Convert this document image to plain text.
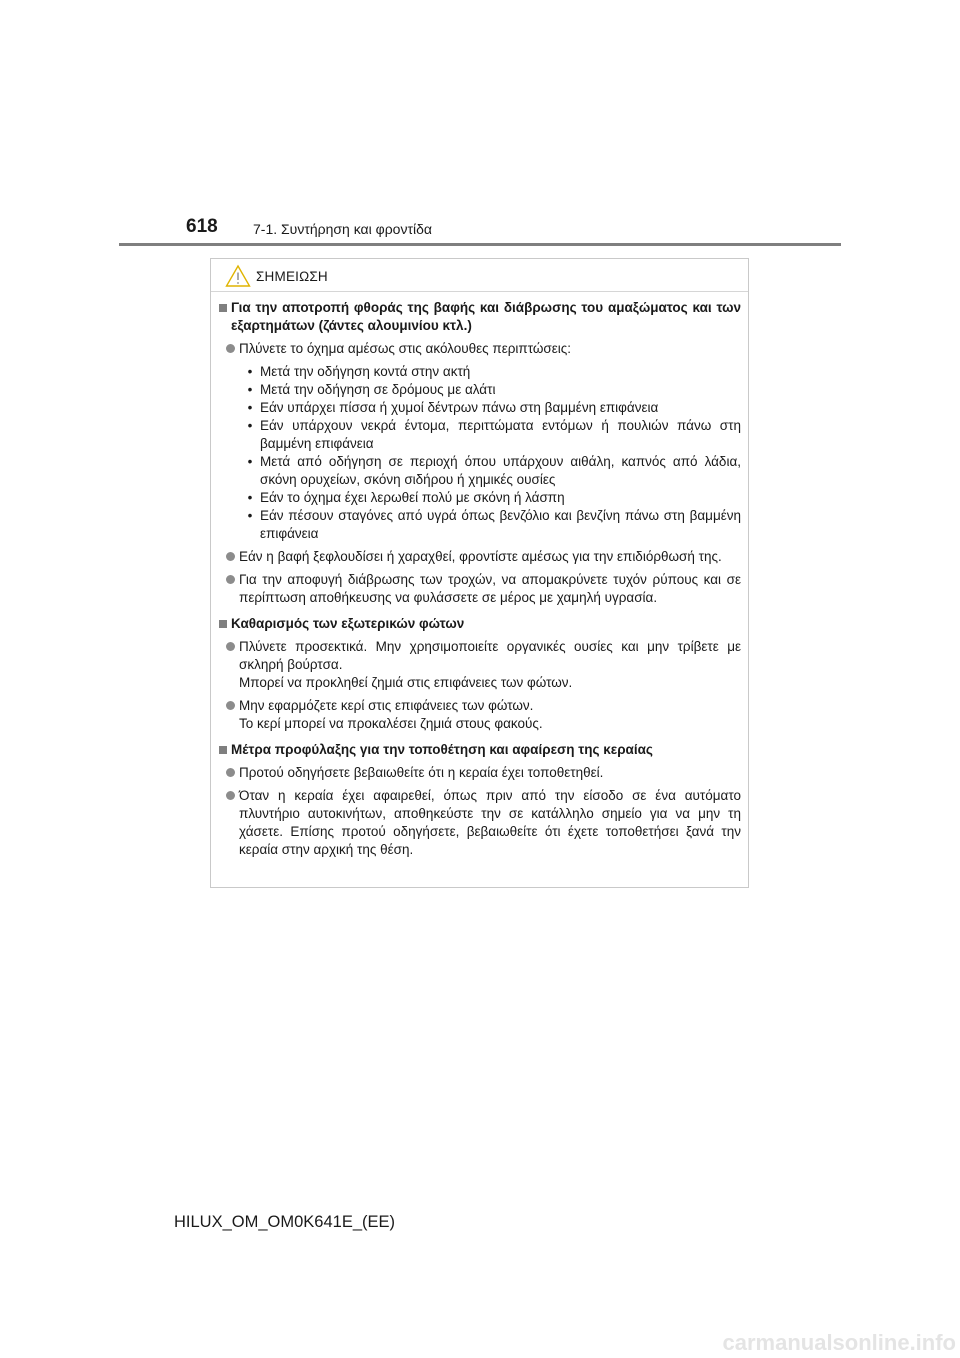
618	7-1. Συντήρηση και φροντίδα
ΣΗΜΕΙΩΣΗ
Για την αποτροπή φθοράς της βαφής και διάβρωσης του αμαξώματος και των εξαρτημάτων (ζάντες αλουμινίου κτλ.)
Πλύνετε το όχημα αμέσως στις ακόλουθες περιπτώσεις:
• Μετά την οδήγηση κοντά στην ακτή
• Μετά την οδήγηση σε δρόμους με αλάτι
• Εάν υπάρχει πίσσα ή χυμοί δέντρων πάνω στη βαμμένη επιφάνεια
• Εάν υπάρχουν νεκρά έντομα, περιττώματα εντόμων ή πουλιών πάνω στη βαμμένη επιφάνεια
• Μετά από οδήγηση σε περιοχή όπου υπάρχουν αιθάλη, καπνός από λάδια, σκόνη ορυχείων, σκόνη σιδήρου ή χημικές ουσίες
• Εάν το όχημα έχει λερωθεί πολύ με σκόνη ή λάσπη
• Εάν πέσουν σταγόνες από υγρά όπως βενζόλιο και βενζίνη πάνω στη βαμμένη επιφάνεια
Εάν η βαφή ξεφλουδίσει ή χαραχθεί, φροντίστε αμέσως για την επιδιόρθωσή της.
Για την αποφυγή διάβρωσης των τροχών, να απομακρύνετε τυχόν ρύπους και σε περίπτωση αποθήκευσης να φυλάσσετε σε μέρος με χαμηλή υγρασία.
Καθαρισμός των εξωτερικών φώτων
Πλύνετε προσεκτικά. Μην χρησιμοποιείτε οργανικές ουσίες και μην τρίβετε με σκληρή βούρτσα.
Μπορεί να προκληθεί ζημιά στις επιφάνειες των φώτων.
Μην εφαρμόζετε κερί στις επιφάνειες των φώτων.
Το κερί μπορεί να προκαλέσει ζημιά στους φακούς.
Μέτρα προφύλαξης για την τοποθέτηση και αφαίρεση της κεραίας
Προτού οδηγήσετε βεβαιωθείτε ότι η κεραία έχει τοποθετηθεί.
Όταν η κεραία έχει αφαιρεθεί, όπως πριν από την είσοδο σε ένα αυτόματο πλυντήριο αυτοκινήτων, αποθηκεύστε την σε κατάλληλο σημείο για να μην τη χάσετε. Επίσης προτού οδηγήσετε, βεβαιωθείτε ότι έχετε τοποθετήσει ξανά την κεραία στην αρχική της θέση.
HILUX_OM_OM0K641E_(EE)
carmanualsonline.info
